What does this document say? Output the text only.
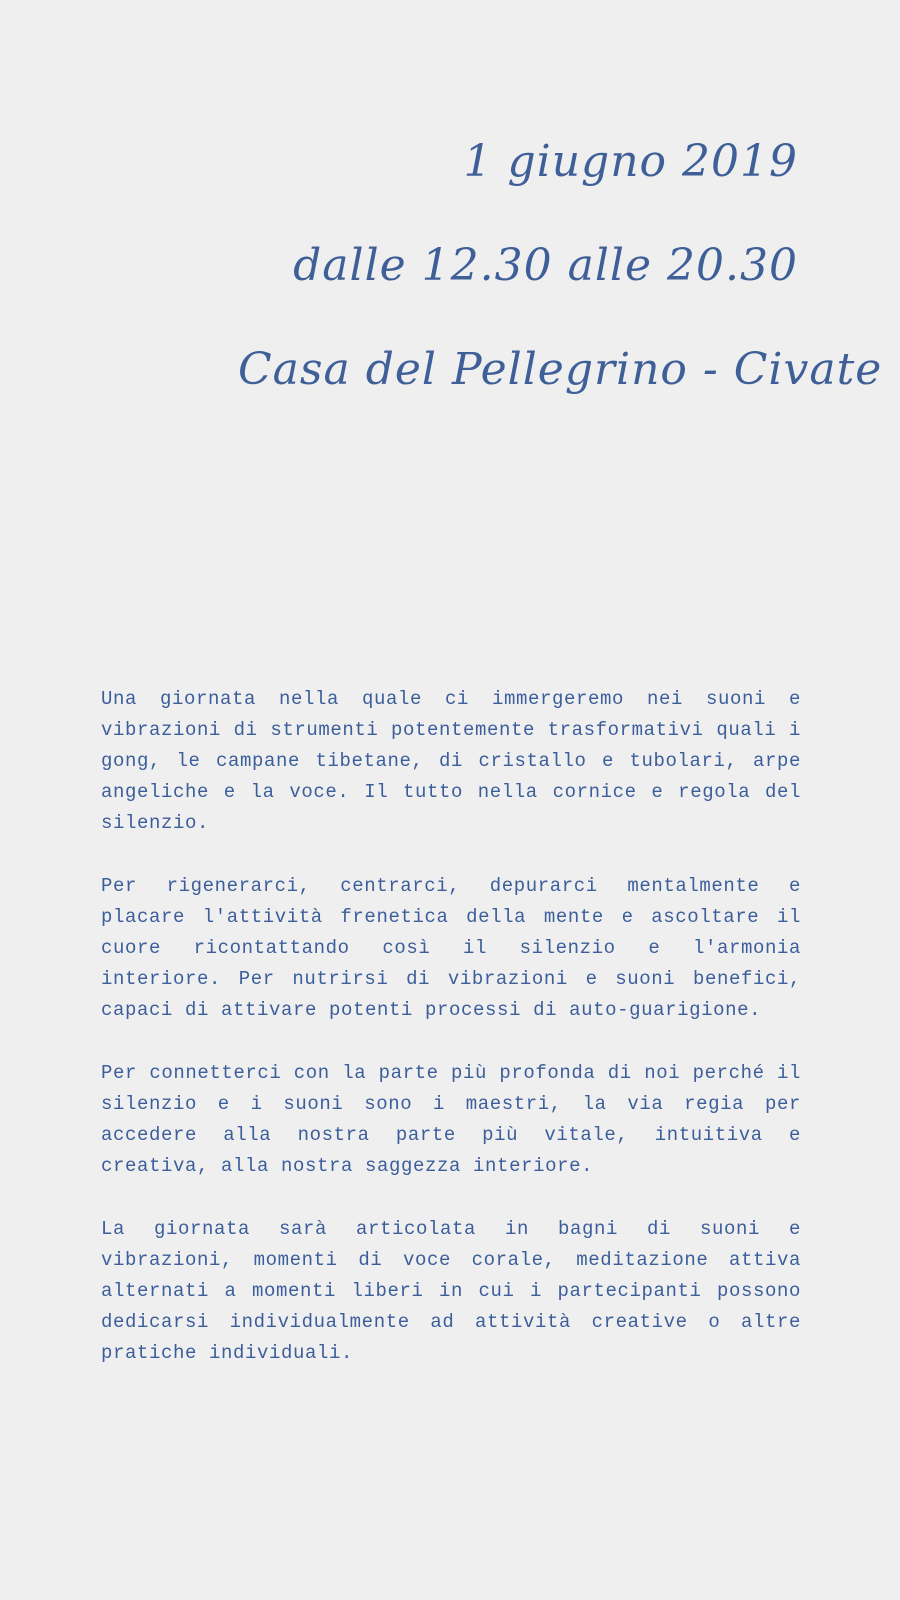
1 giugno 2019
dalle 12.30 alle 20.30
Casa del Pellegrino - Civate

Una giornata nella quale ci immergeremo nei suoni e vibrazioni di strumenti potentemente trasformativi quali i gong, le campane tibetane, di cristallo e tubolari, arpe angeliche e la voce. Il tutto nella cornice e regola del silenzio.

Per rigenerarci, centrarci, depurarci mentalmente e placare l'attività frenetica della mente e ascoltare il cuore ricontattando così il silenzio e l'armonia interiore. Per nutrirsi di vibrazioni e suoni benefici, capaci di attivare potenti processi di auto-guarigione.

Per connetterci con la parte più profonda di noi perché il silenzio e i suoni sono i maestri, la via regia per accedere alla nostra parte più vitale, intuitiva e creativa, alla nostra saggezza interiore.

La giornata sarà articolata in bagni di suoni e vibrazioni, momenti di voce corale, meditazione attiva alternati a momenti liberi in cui i partecipanti possono dedicarsi individualmente ad attività creative o altre pratiche individuali.
